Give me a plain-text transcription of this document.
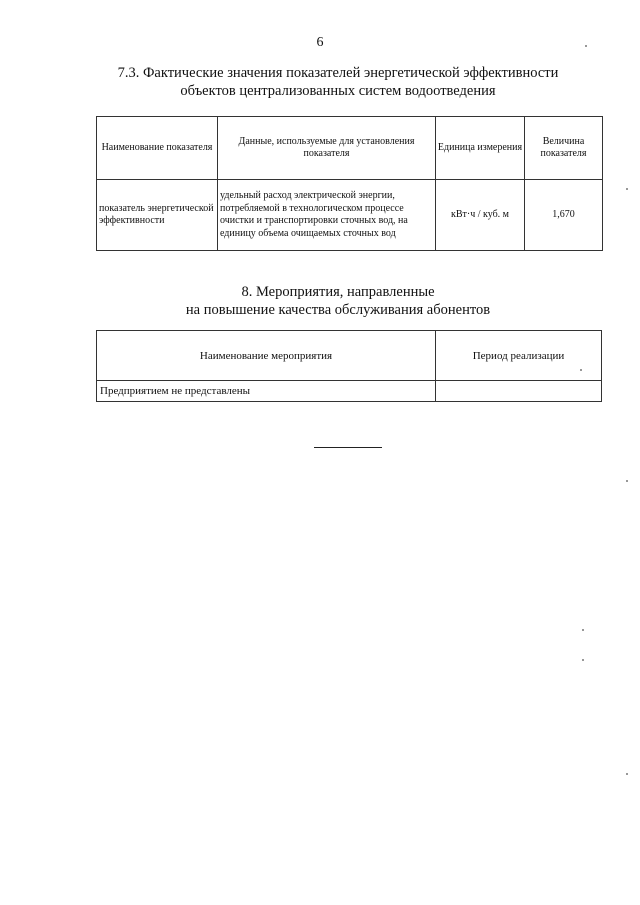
6
7.3. Фактические значения показателей энергетической эффективности
объектов централизованных систем водоотведения
Наименование показателя	Данные, используемые для установления показателя	Единица измерения	Величина показателя
показатель энергетической эффективности	удельный расход электрической энергии, потребляемой в технологическом процессе очистки и транспортировки сточных вод, на единицу объема очищаемых сточных вод	кВт·ч / куб. м	1,670
8. Мероприятия, направленные
на повышение качества обслуживания абонентов
Наименование мероприятия	Период реализации
Предприятием не представлены	
